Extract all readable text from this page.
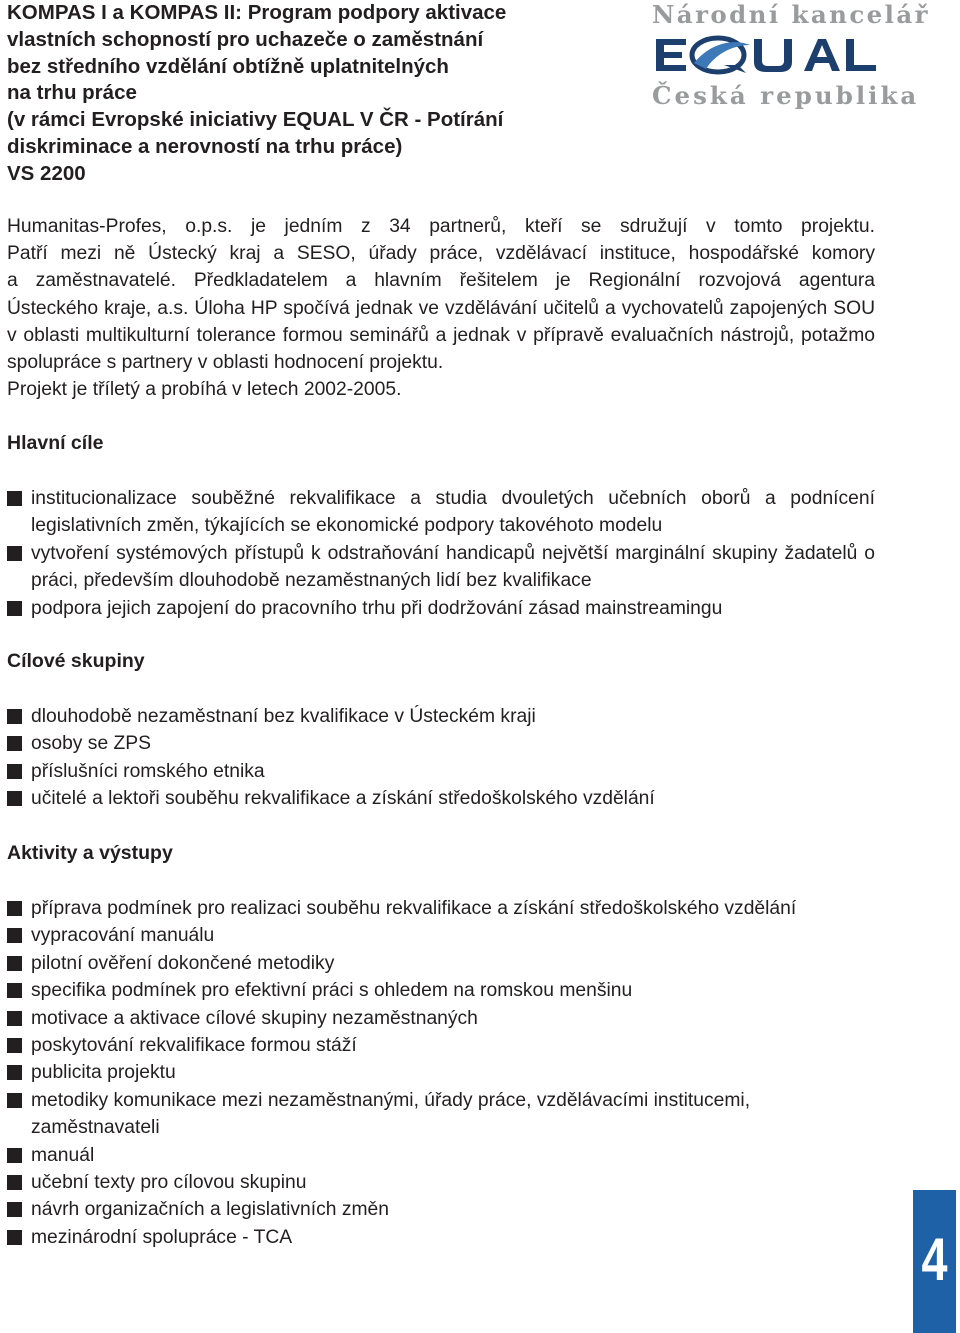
KOMPAS I a KOMPAS II: Program podpory aktivace
vlastních schopností pro uchazeče o zaměstnání
bez středního vzdělání obtížně uplatnitelných
na trhu práce
(v rámci Evropské iniciativy EQUAL V ČR - Potírání
diskriminace a nerovností na trhu práce)
VS 2200
Národní kancelář
Česká republika

Humanitas-Profes, o.p.s. je jedním z 34 partnerů, kteří se sdružují v tomto projektu.

Patří mezi ně Ústecký kraj a SESO, úřady práce, vzdělávací instituce, hospodářské komory

a zaměstnavatelé. Předkladatelem a hlavním řešitelem je Regionální rozvojová agentura

Ústeckého kraje, a.s. Úloha HP spočívá jednak ve vzdělávání učitelů a vychovatelů zapojených SOU v oblasti multikulturní tolerance formou seminářů a jednak v přípravě evaluačních nástrojů, potažmo spolupráce s partnery v oblasti hodnocení projektu.

Projekt je tříletý a probíhá v letech 2002-2005.

Hlavní cíle
institucionalizace souběžné rekvalifikace a studia dvouletých učebních oborů a podnícení legislativních změn, týkajících se ekonomické podpory takovéhoto modelu
vytvoření systémových přístupů k odstraňování handicapů největší marginální skupiny žadatelů o práci, především dlouhodobě nezaměstnaných lidí bez kvalifikace
podpora jejich zapojení do pracovního trhu při dodržování zásad mainstreamingu
Cílové skupiny
dlouhodobě nezaměstnaní bez kvalifikace v Ústeckém kraji
osoby se ZPS
příslušníci romského etnika
učitelé a lektoři souběhu rekvalifikace a získání středoškolského vzdělání
Aktivity a výstupy
příprava podmínek pro realizaci souběhu rekvalifikace a získání středoškolského vzdělání
vypracování manuálu
pilotní ověření dokončené metodiky
specifika podmínek pro efektivní práci s ohledem na romskou menšinu
motivace a aktivace cílové skupiny nezaměstnaných
poskytování rekvalifikace formou stáží
publicita projektu
metodiky komunikace mezi nezaměstnanými, úřady práce, vzdělávacími institucemi, zaměstnavateli
manuál
učební texty pro cílovou skupinu
návrh organizačních a legislativních změn
mezinárodní spolupráce - TCA	4
